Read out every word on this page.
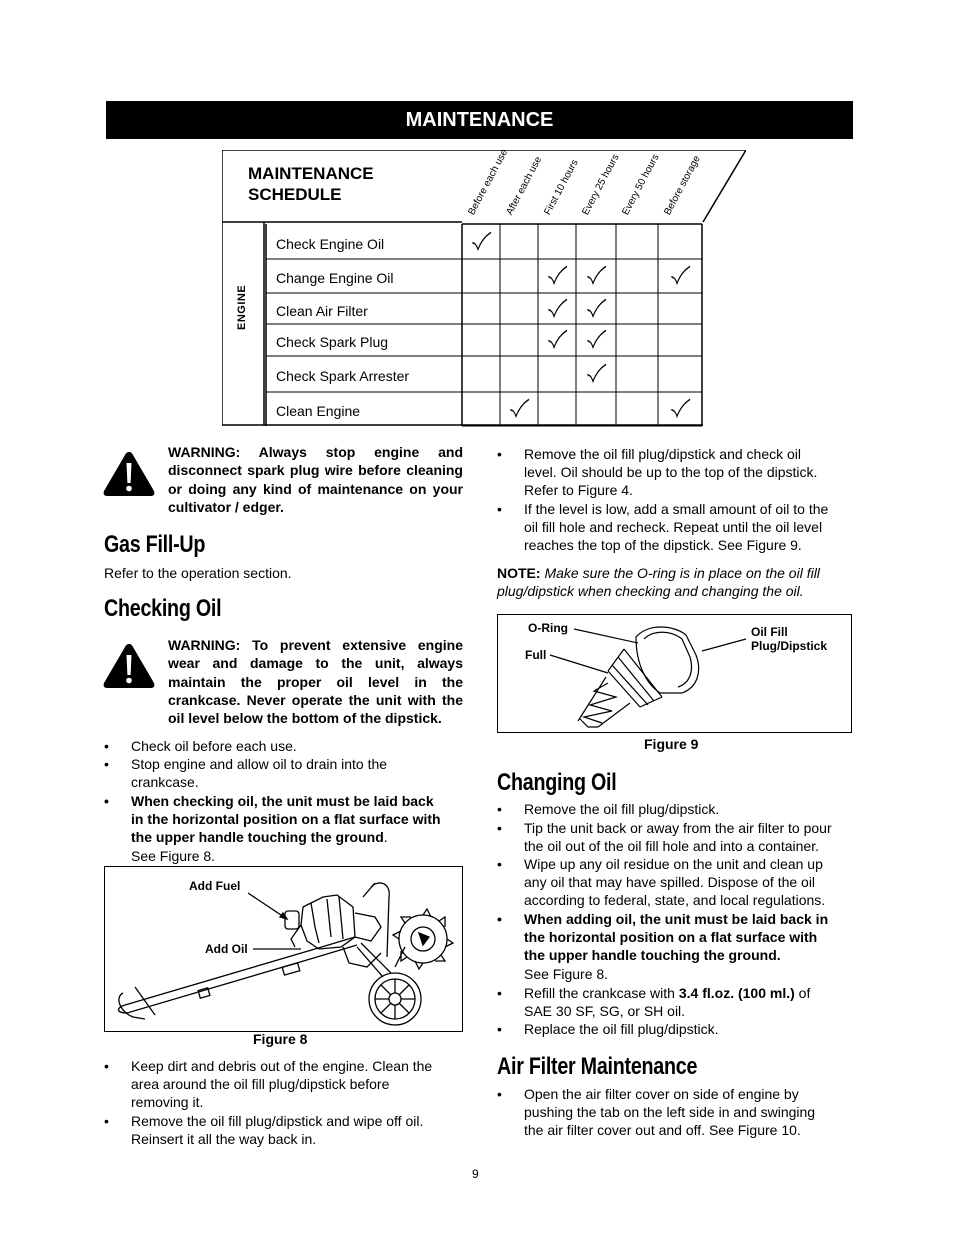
MAINTENANCE
MAINTENANCE
SCHEDULE
ENGINE
Before each use
After each use
First 10 hours Every 25 hours
Every 50 hours Before storage
Check Engine Oil
Change Engine Oil
Clean Air Filter
Check Spark Plug
Check Spark Arrester
Clean Engine
WARNING: Always stop engine and disconnect spark plug wire before cleaning or doing any kind of maintenance on your cultivator / edger.
Gas Fill-Up
Refer to the operation section.
Checking Oil
WARNING: To prevent extensive engine wear and damage to the unit, always maintain the proper oil level in the crankcase. Never operate the unit with the oil level below the bottom of the dipstick.
• Check oil before each use.
• Stop engine and allow oil to drain into the
crankcase.
• When checking oil, the unit must be laid back
in the horizontal position on a flat surface with
the upper handle touching the ground.
See Figure 8.
Add Fuel
Add Oil
Figure 8
• Keep dirt and debris out of the engine. Clean the
area around the oil fill plug/dipstick before
removing it.
• Remove the oil fill plug/dipstick and wipe off oil.
Reinsert it all the way back in.
• Remove the oil fill plug/dipstick and check oil
level. Oil should be up to the top of the dipstick.
Refer to Figure 4.
• If the level is low, add a small amount of oil to the
oil fill hole and recheck. Repeat until the oil level
reaches the top of the dipstick. See Figure 9.
NOTE: Make sure the O-ring is in place on the oil fill
plug/dipstick when checking and changing the oil.
O-Ring
Full
Oil Fill
Plug/Dipstick
Figure 9
Changing Oil
• Remove the oil fill plug/dipstick.
• Tip the unit back or away from the air filter to pour
the oil out of the oil fill hole and into a container.
• Wipe up any oil residue on the unit and clean up
any oil that may have spilled. Dispose of the oil
according to federal, state, and local regulations.
• When adding oil, the unit must be laid back in
the horizontal position on a flat surface with
the upper handle touching the ground.
See Figure 8.
• Refill the crankcase with 3.4 fl.oz. (100 ml.) of
SAE 30 SF, SG, or SH oil.
• Replace the oil fill plug/dipstick.
Air Filter Maintenance
• Open the air filter cover on side of engine by
pushing the tab on the left side in and swinging
the air filter cover out and off. See Figure 10.
9
